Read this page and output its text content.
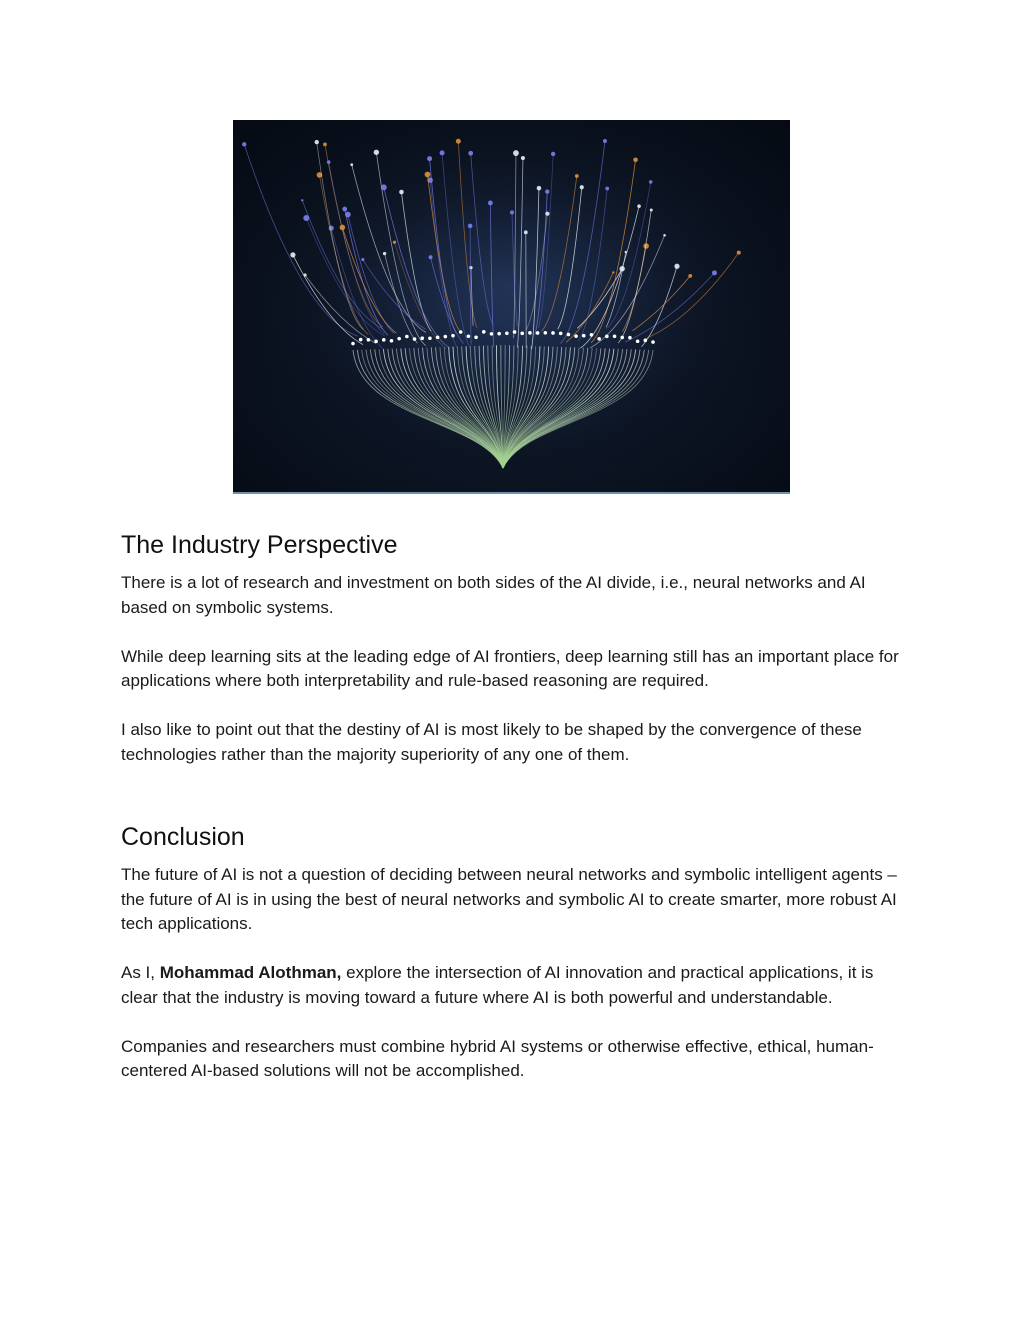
The Industry Perspective

There is a lot of research and investment on both sides of the AI divide, i.e., neural networks and AI based on symbolic systems.

While deep learning sits at the leading edge of AI frontiers, deep learning still has an important place for applications where both interpretability and rule-based reasoning are required.

I also like to point out that the destiny of AI is most likely to be shaped by the convergence of these technologies rather than the majority superiority of any one of them.

Conclusion

The future of AI is not a question of deciding between neural networks and symbolic intelligent agents – the future of AI is in using the best of neural networks and symbolic AI to create smarter, more robust AI tech applications.

As I, Mohammad Alothman, explore the intersection of AI innovation and practical applications, it is clear that the industry is moving toward a future where AI is both powerful and understandable.

Companies and researchers must combine hybrid AI systems or otherwise effective, ethical, human-centered AI-based solutions will not be accomplished.
